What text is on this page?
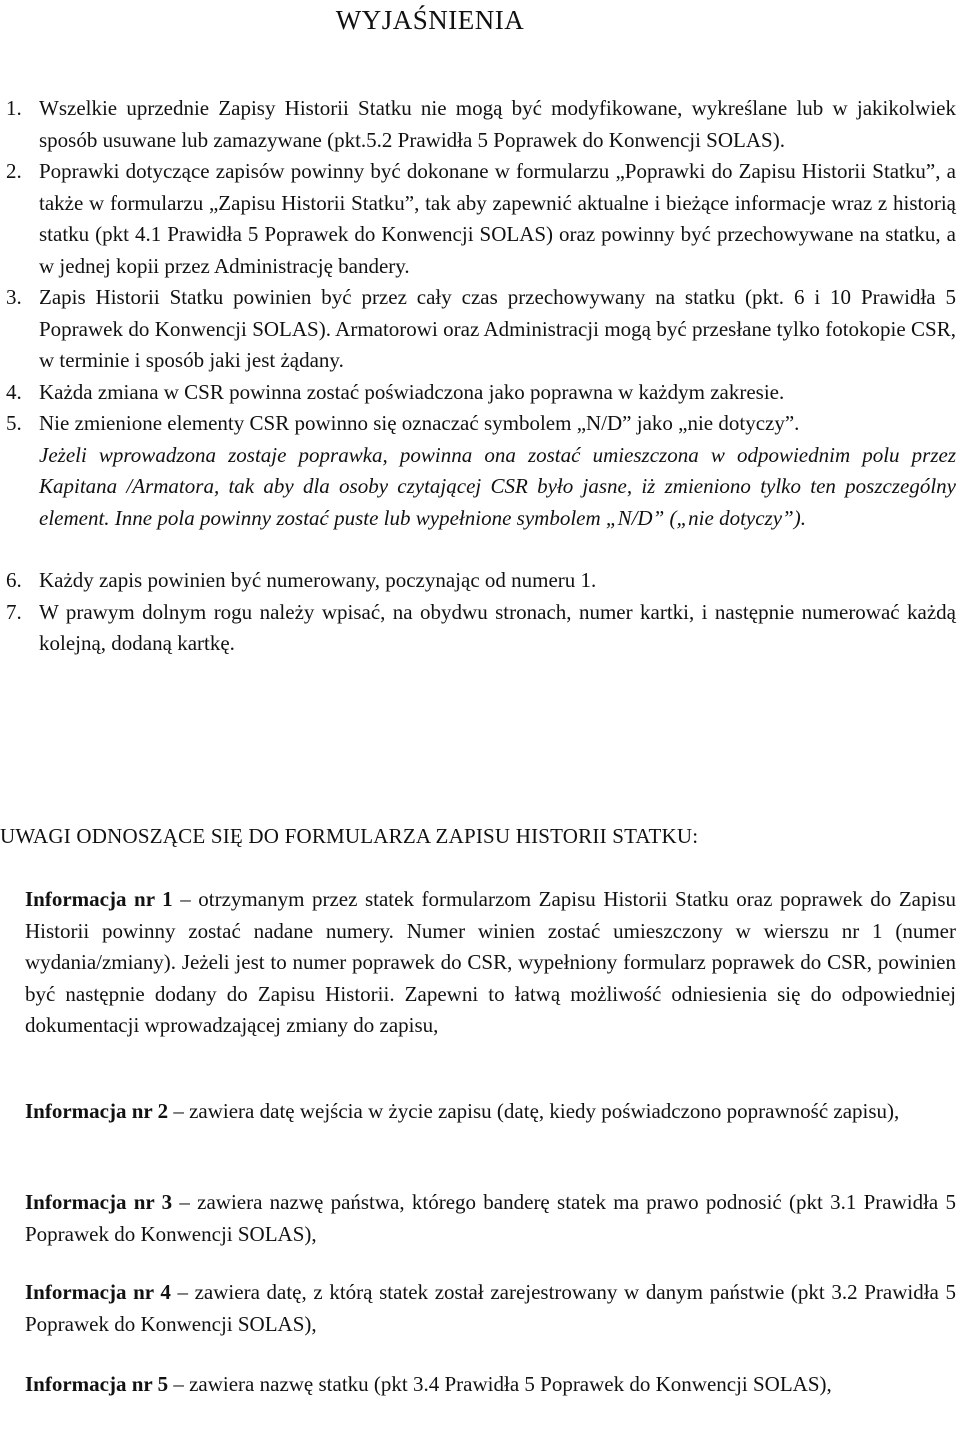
WYJAŚNIENIA
1. Wszelkie uprzednie Zapisy Historii Statku nie mogą być modyfikowane, wykreślane lub w jakikolwiek sposób usuwane lub zamazywane (pkt.5.2 Prawidła 5 Poprawek do Konwencji SOLAS).
2. Poprawki dotyczące zapisów powinny być dokonane w formularzu „Poprawki do Zapisu Historii Statku”, a także w formularzu „Zapisu Historii Statku”, tak aby zapewnić aktualne i bieżące informacje wraz z historią statku (pkt 4.1 Prawidła 5 Poprawek do Konwencji SOLAS) oraz powinny być przechowywane na statku, a w jednej kopii przez Administrację bandery.
3. Zapis Historii Statku powinien być przez cały czas przechowywany na statku (pkt. 6 i 10 Prawidła 5 Poprawek do Konwencji SOLAS). Armatorowi oraz Administracji mogą być przesłane tylko fotokopie CSR, w terminie i sposób jaki jest żądany.
4. Każda zmiana w CSR powinna zostać poświadczona jako poprawna w każdym zakresie.
5. Nie zmienione elementy CSR powinno się oznaczać symbolem „N/D” jako „nie dotyczy”.
Jeżeli wprowadzona zostaje poprawka, powinna ona zostać umieszczona w odpowiednim polu przez Kapitana /Armatora, tak aby dla osoby czytającej CSR było jasne, iż zmieniono tylko ten poszczególny element. Inne pola powinny zostać puste lub wypełnione symbolem „N/D” („nie dotyczy”).
6. Każdy zapis powinien być numerowany, poczynając od numeru 1.
7. W prawym dolnym rogu należy wpisać, na obydwu stronach, numer kartki, i następnie numerować każdą kolejną, dodaną kartkę.
UWAGI ODNOSZĄCE SIĘ DO FORMULARZA ZAPISU HISTORII STATKU:
Informacja nr 1 – otrzymanym przez statek formularzom Zapisu Historii Statku oraz poprawek do Zapisu Historii powinny zostać nadane numery. Numer winien zostać umieszczony w wierszu nr 1 (numer wydania/zmiany). Jeżeli jest to numer poprawek do CSR, wypełniony formularz poprawek do CSR, powinien być następnie dodany do Zapisu Historii. Zapewni to łatwą możliwość odniesienia się do odpowiedniej dokumentacji wprowadzającej zmiany do zapisu,
Informacja nr 2 – zawiera datę wejścia w życie zapisu (datę, kiedy poświadczono poprawność zapisu),
Informacja nr 3 – zawiera nazwę państwa, którego banderę statek ma prawo podnosić (pkt 3.1 Prawidła 5 Poprawek do Konwencji SOLAS),
Informacja nr 4 – zawiera datę, z którą statek został zarejestrowany w danym państwie (pkt 3.2 Prawidła 5 Poprawek do Konwencji SOLAS),
Informacja nr 5 – zawiera nazwę statku (pkt 3.4 Prawidła 5 Poprawek do Konwencji SOLAS),
